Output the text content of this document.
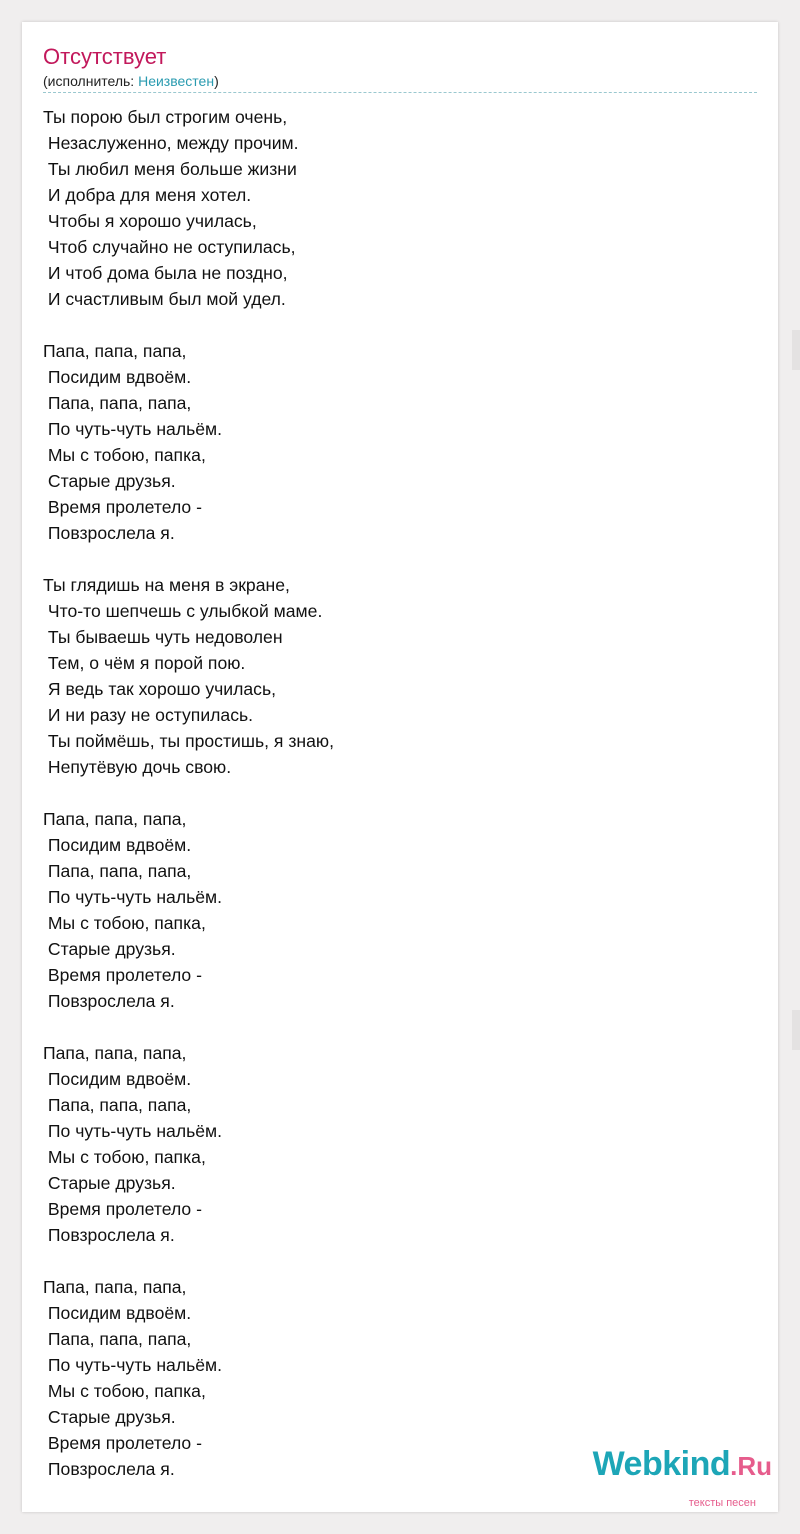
Отсутствует
(исполнитель: Неизвестен)
Ты порою был строгим очень,
Незаслуженно, между прочим.
Ты любил меня больше жизни
И добра для меня хотел.
Чтобы я хорошо училась,
Чтоб случайно не оступилась,
И чтоб дома была не поздно,
И счастливым был мой удел.

Папа, папа, папа,
Посидим вдвоём.
Папа, папа, папа,
По чуть-чуть нальём.
Мы с тобою, папка,
Старые друзья.
Время пролетело -
Повзрослела я.

Ты глядишь на меня в экране,
Что-то шепчешь с улыбкой маме.
Ты бываешь чуть недоволен
Тем, о чём я порой пою.
Я ведь так хорошо училась,
И ни разу не оступилась.
Ты поймёшь, ты простишь, я знаю,
Непутёвую дочь свою.

Папа, папа, папа,
Посидим вдвоём.
Папа, папа, папа,
По чуть-чуть нальём.
Мы с тобою, папка,
Старые друзья.
Время пролетело -
Повзрослела я.

Папа, папа, папа,
Посидим вдвоём.
Папа, папа, папа,
По чуть-чуть нальём.
Мы с тобою, папка,
Старые друзья.
Время пролетело -
Повзрослела я.

Папа, папа, папа,
Посидим вдвоём.
Папа, папа, папа,
По чуть-чуть нальём.
Мы с тобою, папка,
Старые друзья.
Время пролетело -
Повзрослела я.	Webkind.Ru
тексты песен
